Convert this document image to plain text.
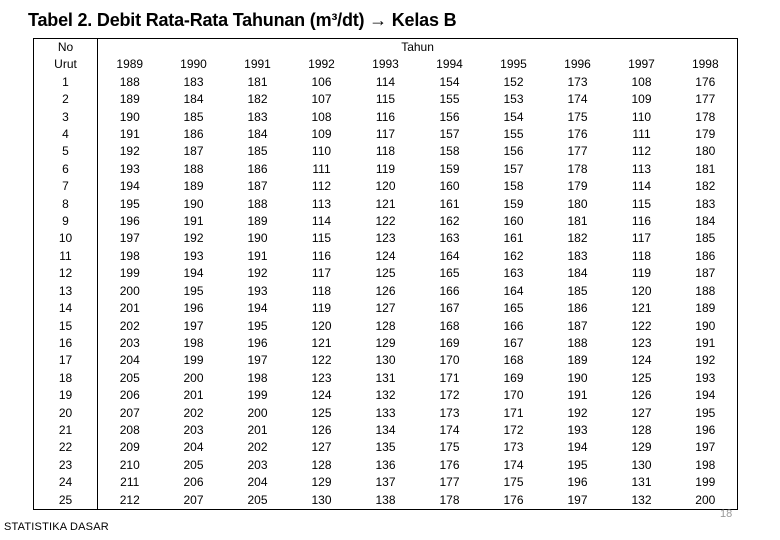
Tabel 2. Debit Rata-Rata Tahunan (m³/dt) → Kelas B
No	Tahun									
Urut	1989	1990	1991	1992	1993	1994	1995	1996	1997	1998
1	188	183	181	106	114	154	152	173	108	176
2	189	184	182	107	115	155	153	174	109	177
3	190	185	183	108	116	156	154	175	110	178
4	191	186	184	109	117	157	155	176	111	179
5	192	187	185	110	118	158	156	177	112	180
6	193	188	186	111	119	159	157	178	113	181
7	194	189	187	112	120	160	158	179	114	182
8	195	190	188	113	121	161	159	180	115	183
9	196	191	189	114	122	162	160	181	116	184
10	197	192	190	115	123	163	161	182	117	185
11	198	193	191	116	124	164	162	183	118	186
12	199	194	192	117	125	165	163	184	119	187
13	200	195	193	118	126	166	164	185	120	188
14	201	196	194	119	127	167	165	186	121	189
15	202	197	195	120	128	168	166	187	122	190
16	203	198	196	121	129	169	167	188	123	191
17	204	199	197	122	130	170	168	189	124	192
18	205	200	198	123	131	171	169	190	125	193
19	206	201	199	124	132	172	170	191	126	194
20	207	202	200	125	133	173	171	192	127	195
21	208	203	201	126	134	174	172	193	128	196
22	209	204	202	127	135	175	173	194	129	197
23	210	205	203	128	136	176	174	195	130	198
24	211	206	204	129	137	177	175	196	131	199
25	212	207	205	130	138	178	176	197	132	200
STATISTIKA DASAR
18
